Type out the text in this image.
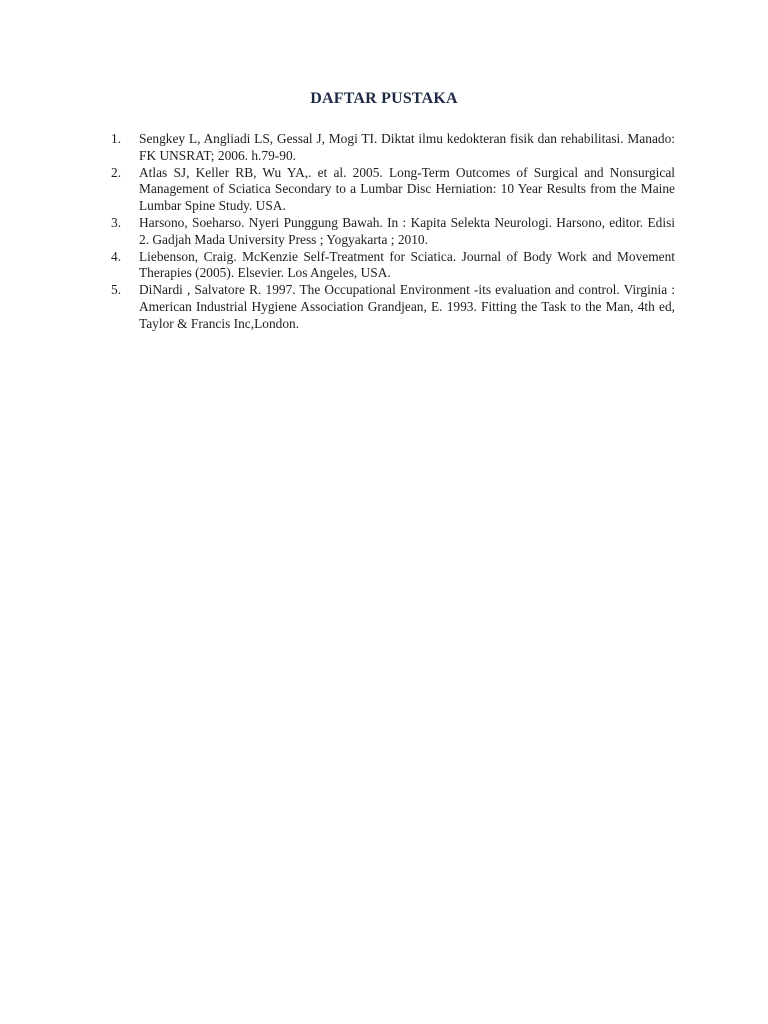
DAFTAR PUSTAKA
1.	Sengkey L, Angliadi LS, Gessal J, Mogi TI. Diktat ilmu kedokteran fisik dan rehabilitasi. Manado: FK UNSRAT; 2006. h.79-90.
2.	Atlas SJ, Keller RB, Wu YA,. et al. 2005. Long-Term Outcomes of Surgical and Nonsurgical Management of Sciatica Secondary to a Lumbar Disc Herniation: 10 Year Results from the Maine Lumbar Spine Study. USA.
3.	Harsono, Soeharso. Nyeri Punggung Bawah. In : Kapita Selekta Neurologi. Harsono, editor. Edisi 2. Gadjah Mada University Press ; Yogyakarta ; 2010.
4.	Liebenson, Craig. McKenzie Self-Treatment for Sciatica. Journal of Body Work and Movement Therapies (2005). Elsevier. Los Angeles, USA.
5.	DiNardi , Salvatore R. 1997. The Occupational Environment -its evaluation and control. Virginia : American Industrial Hygiene Association Grandjean, E. 1993. Fitting the Task to the Man, 4th ed, Taylor & Francis Inc,London.
